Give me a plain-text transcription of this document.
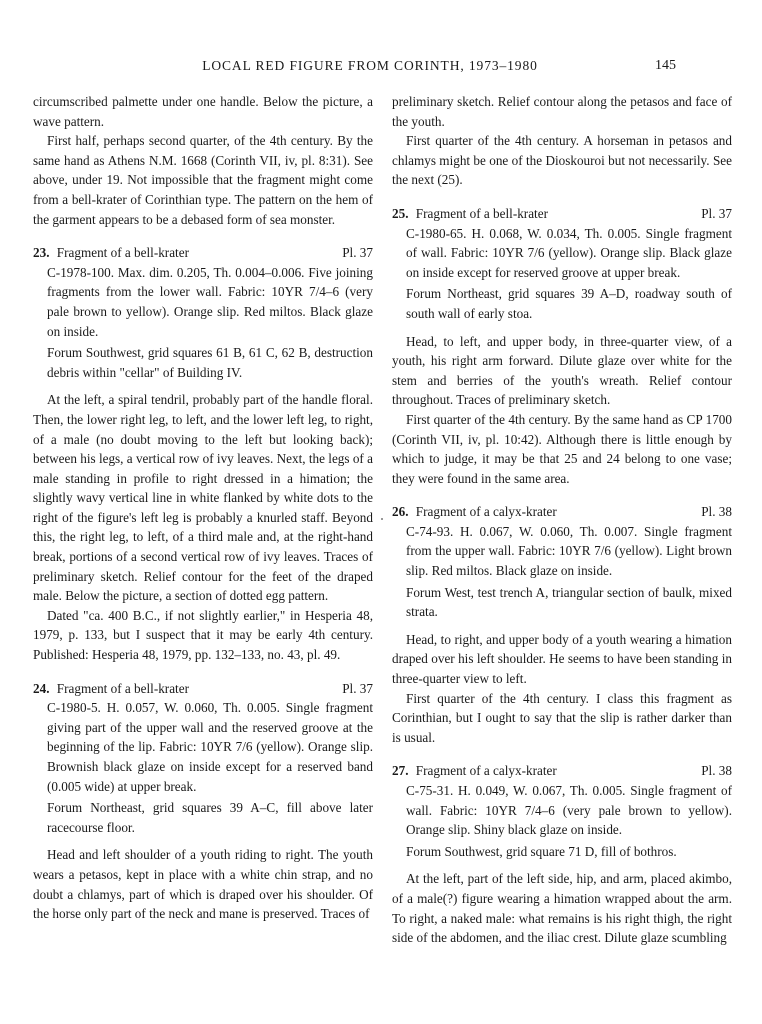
LOCAL RED FIGURE FROM CORINTH, 1973–1980	145

circumscribed palmette under one handle. Below the picture, a wave pattern.

First half, perhaps second quarter, of the 4th century. By the same hand as Athens N.M. 1668 (Corinth VII, iv, pl. 8:31). See above, under 19. Not impossible that the fragment might come from a bell-krater of Corinthian type. The pattern on the hem of the garment appears to be a debased form of sea monster.

23. Fragment of a bell-krater	Pl. 37

C-1978-100. Max. dim. 0.205, Th. 0.004–0.006. Five joining fragments from the lower wall. Fabric: 10YR 7/4–6 (very pale brown to yellow). Orange slip. Red miltos. Black glaze on inside.

Forum Southwest, grid squares 61 B, 61 C, 62 B, destruction debris within "cellar" of Building IV.

At the left, a spiral tendril, probably part of the handle floral. Then, the lower right leg, to left, and the lower left leg, to right, of a male (no doubt moving to the left but looking back); between his legs, a vertical row of ivy leaves. Next, the legs of a male standing in profile to right dressed in a himation; the slightly wavy vertical line in white flanked by white dots to the right of the figure's left leg is probably a knurled staff. Beyond this, the right leg, to left, of a third male and, at the right-hand break, portions of a second vertical row of ivy leaves. Traces of preliminary sketch. Relief contour for the feet of the draped male. Below the picture, a section of dotted egg pattern.

Dated "ca. 400 B.C., if not slightly earlier," in Hesperia 48, 1979, p. 133, but I suspect that it may be early 4th century. Published: Hesperia 48, 1979, pp. 132–133, no. 43, pl. 49.

24. Fragment of a bell-krater	Pl. 37

C-1980-5. H. 0.057, W. 0.060, Th. 0.005. Single fragment giving part of the upper wall and the reserved groove at the beginning of the lip. Fabric: 10YR 7/6 (yellow). Orange slip. Brownish black glaze on inside except for a reserved band (0.005 wide) at upper break.

Forum Northeast, grid squares 39 A–C, fill above later racecourse floor.

Head and left shoulder of a youth riding to right. The youth wears a petasos, kept in place with a white chin strap, and no doubt a chlamys, part of which is draped over his shoulder. Of the horse only part of the neck and mane is preserved. Traces of

preliminary sketch. Relief contour along the petasos and face of the youth.

First quarter of the 4th century. A horseman in petasos and chlamys might be one of the Dioskouroi but not necessarily. See the next (25).

25. Fragment of a bell-krater	Pl. 37

C-1980-65. H. 0.068, W. 0.034, Th. 0.005. Single fragment of wall. Fabric: 10YR 7/6 (yellow). Orange slip. Black glaze on inside except for reserved groove at upper break.

Forum Northeast, grid squares 39 A–D, roadway south of south wall of early stoa.

Head, to left, and upper body, in three-quarter view, of a youth, his right arm forward. Dilute glaze over white for the stem and berries of the youth's wreath. Relief contour throughout. Traces of preliminary sketch.

First quarter of the 4th century. By the same hand as CP 1700 (Corinth VII, iv, pl. 10:42). Although there is little enough by which to judge, it may be that 25 and 24 belong to one vase; they were found in the same area.

26. Fragment of a calyx-krater	Pl. 38

C-74-93. H. 0.067, W. 0.060, Th. 0.007. Single fragment from the upper wall. Fabric: 10YR 7/6 (yellow). Light brown slip. Red miltos. Black glaze on inside.

Forum West, test trench A, triangular section of baulk, mixed strata.

Head, to right, and upper body of a youth wearing a himation draped over his left shoulder. He seems to have been standing in three-quarter view to left.

First quarter of the 4th century. I class this fragment as Corinthian, but I ought to say that the slip is rather darker than is usual.

27. Fragment of a calyx-krater	Pl. 38

C-75-31. H. 0.049, W. 0.067, Th. 0.005. Single fragment of wall. Fabric: 10YR 7/4–6 (very pale brown to yellow). Orange slip. Shiny black glaze on inside.

Forum Southwest, grid square 71 D, fill of bothros.

At the left, part of the left side, hip, and arm, placed akimbo, of a male(?) figure wearing a himation wrapped about the arm. To right, a naked male: what remains is his right thigh, the right side of the abdomen, and the iliac crest. Dilute glaze scumbling
